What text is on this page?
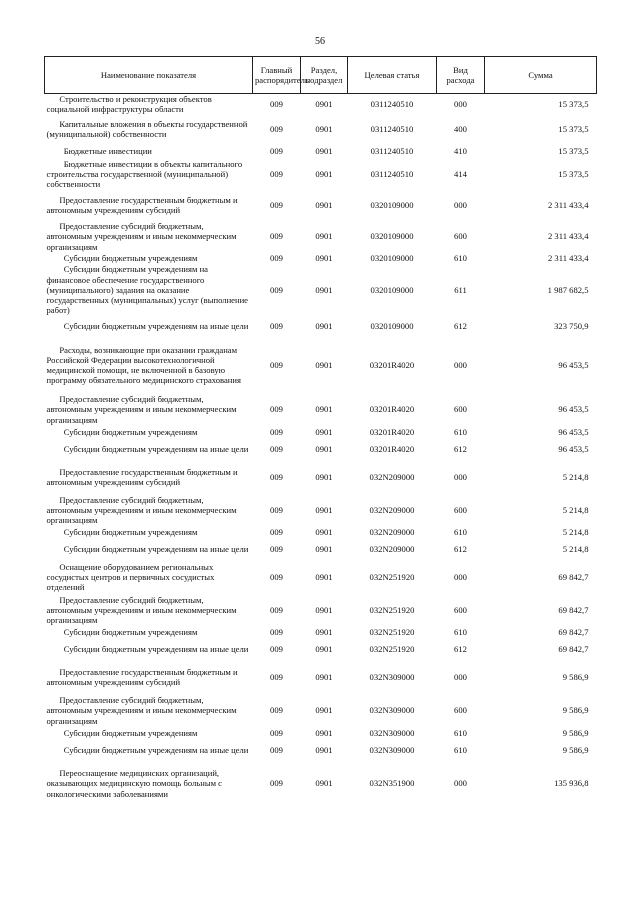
56
Наименование показателя	Главный распорядитель	Раздел, подраздел	Целевая статья	Вид расхода	Сумма
Строительство и реконструкция объектов социальной инфраструктуры области	009	0901	0311240510	000	15 373,5
Капитальные вложения в объекты государственной (муниципальной) собственности	009	0901	0311240510	400	15 373,5
Бюджетные инвестиции	009	0901	0311240510	410	15 373,5
Бюджетные инвестиции в объекты капитального строительства государственной (муниципальной) собственности	009	0901	0311240510	414	15 373,5
Предоставление государственным бюджетным и автономным учреждениям субсидий	009	0901	0320109000	000	2 311 433,4
Предоставление субсидий бюджетным, автономным учреждениям и иным некоммерческим организациям	009	0901	0320109000	600	2 311 433,4
Субсидии бюджетным учреждениям	009	0901	0320109000	610	2 311 433,4
Субсидии бюджетным учреждениям на финансовое обеспечение государственного (муниципального) задания на оказание государственных (муниципальных) услуг (выполнение работ)	009	0901	0320109000	611	1 987 682,5
Субсидии бюджетным учреждениям на иные цели	009	0901	0320109000	612	323 750,9
Расходы, возникающие при оказании гражданам Российской Федерации высокотехнологичной медицинской помощи, не включенной в базовую программу обязательного медицинского страхования	009	0901	03201R4020	000	96 453,5
Предоставление субсидий бюджетным, автономным учреждениям и иным некоммерческим организациям	009	0901	03201R4020	600	96 453,5
Субсидии бюджетным учреждениям	009	0901	03201R4020	610	96 453,5
Субсидии бюджетным учреждениям на иные цели	009	0901	03201R4020	612	96 453,5
Предоставление государственным бюджетным и автономным учреждениям субсидий	009	0901	032N209000	000	5 214,8
Предоставление субсидий бюджетным, автономным учреждениям и иным некоммерческим организациям	009	0901	032N209000	600	5 214,8
Субсидии бюджетным учреждениям	009	0901	032N209000	610	5 214,8
Субсидии бюджетным учреждениям на иные цели	009	0901	032N209000	612	5 214,8
Оснащение оборудованием региональных сосудистых центров и первичных сосудистых отделений	009	0901	032N251920	000	69 842,7
Предоставление субсидий бюджетным, автономным учреждениям и иным некоммерческим организациям	009	0901	032N251920	600	69 842,7
Субсидии бюджетным учреждениям	009	0901	032N251920	610	69 842,7
Субсидии бюджетным учреждениям на иные цели	009	0901	032N251920	612	69 842,7
Предоставление государственным бюджетным и автономным учреждениям субсидий	009	0901	032N309000	000	9 586,9
Предоставление субсидий бюджетным, автономным учреждениям и иным некоммерческим организациям	009	0901	032N309000	600	9 586,9
Субсидии бюджетным учреждениям	009	0901	032N309000	610	9 586,9
Субсидии бюджетным учреждениям на иные цели	009	0901	032N309000	610	9 586,9
Переоснащение медицинских организаций, оказывающих медицинскую помощь больным с онкологическими заболеваниями	009	0901	032N351900	000	135 936,8
